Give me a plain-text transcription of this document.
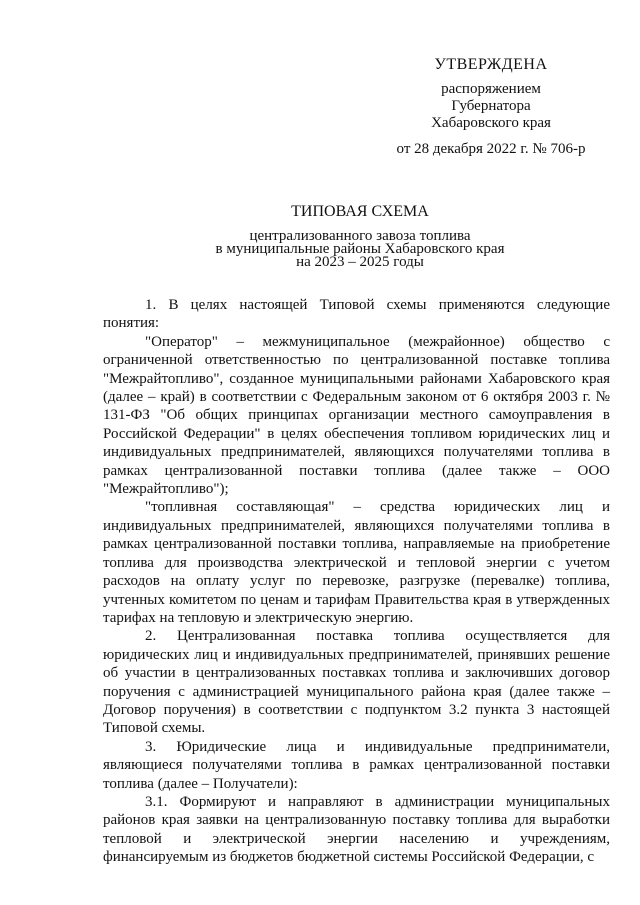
УТВЕРЖДЕНА
распоряжением
Губернатора
Хабаровского края
от 28 декабря 2022 г. № 706-р
ТИПОВАЯ СХЕМА
централизованного завоза топлива
в муниципальные районы Хабаровского края
на 2023 – 2025 годы

1. В целях настоящей Типовой схемы применяются следующие понятия:

"Оператор" – межмуниципальное (межрайонное) общество с ограниченной ответственностью по централизованной поставке топлива "Межрайтопливо", созданное муниципальными районами Хабаровского края (далее – край) в соответствии с Федеральным законом от 6 октября 2003 г. № 131-ФЗ "Об общих принципах организации местного самоуправления в Российской Федерации" в целях обеспечения топливом юридических лиц и индивидуальных предпринимателей, являющихся получателями топлива в рамках централизованной поставки топлива (далее также – ООО "Межрайтопливо");

"топливная составляющая" – средства юридических лиц и индивидуальных предпринимателей, являющихся получателями топлива в рамках централизованной поставки топлива, направляемые на приобретение топлива для производства электрической и тепловой энергии с учетом расходов на оплату услуг по перевозке, разгрузке (перевалке) топлива, учтенных комитетом по ценам и тарифам Правительства края в утвержденных тарифах на тепловую и электрическую энергию.

2. Централизованная поставка топлива осуществляется для юридических лиц и индивидуальных предпринимателей, принявших решение об участии в централизованных поставках топлива и заключивших договор поручения с администрацией муниципального района края (далее также – Договор поручения) в соответствии с подпунктом 3.2 пункта 3 настоящей Типовой схемы.

3. Юридические лица и индивидуальные предприниматели, являющиеся получателями топлива в рамках централизованной поставки топлива (далее – Получатели):

3.1. Формируют и направляют в администрации муниципальных районов края заявки на централизованную поставку топлива для выработки тепловой и электрической энергии населению и учреждениям, финансируемым из бюджетов бюджетной системы Российской Федерации, с
